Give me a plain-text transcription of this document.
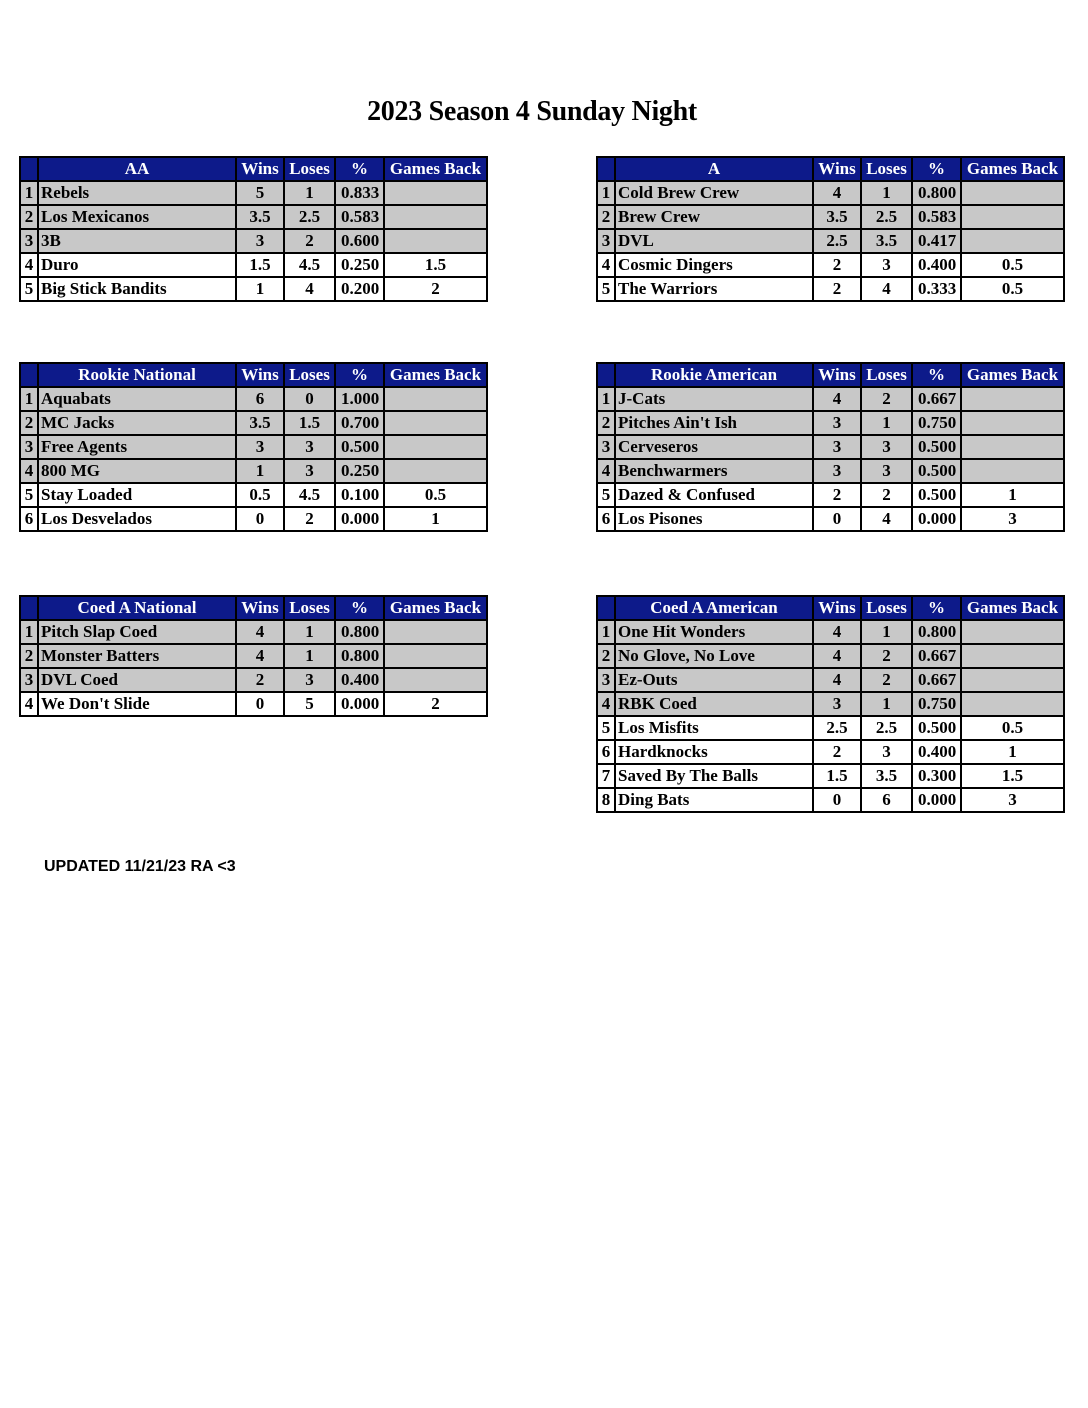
2023 Season 4 Sunday Night
	AA	Wins	Loses	%	Games Back
1	Rebels	5	1	0.833	
2	Los Mexicanos	3.5	2.5	0.583	
3	3B	3	2	0.600	
4	Duro	1.5	4.5	0.250	1.5
5	Big Stick Bandits	1	4	0.200	2
	A	Wins	Loses	%	Games Back
1	Cold Brew Crew	4	1	0.800	
2	Brew Crew	3.5	2.5	0.583	
3	DVL	2.5	3.5	0.417	
4	Cosmic Dingers	2	3	0.400	0.5
5	The Warriors	2	4	0.333	0.5
	Rookie National	Wins	Loses	%	Games Back
1	Aquabats	6	0	1.000	
2	MC Jacks	3.5	1.5	0.700	
3	Free Agents	3	3	0.500	
4	800 MG	1	3	0.250	
5	Stay Loaded	0.5	4.5	0.100	0.5
6	Los Desvelados	0	2	0.000	1
	Rookie American	Wins	Loses	%	Games Back
1	J-Cats	4	2	0.667	
2	Pitches Ain't Ish	3	1	0.750	
3	Cerveseros	3	3	0.500	
4	Benchwarmers	3	3	0.500	
5	Dazed & Confused	2	2	0.500	1
6	Los Pisones	0	4	0.000	3
	Coed A National	Wins	Loses	%	Games Back
1	Pitch Slap Coed	4	1	0.800	
2	Monster Batters	4	1	0.800	
3	DVL Coed	2	3	0.400	
4	We Don't Slide	0	5	0.000	2
	Coed A American	Wins	Loses	%	Games Back
1	One Hit Wonders	4	1	0.800	
2	No Glove, No Love	4	2	0.667	
3	Ez-Outs	4	2	0.667	
4	RBK Coed	3	1	0.750	
5	Los Misfits	2.5	2.5	0.500	0.5
6	Hardknocks	2	3	0.400	1
7	Saved By The Balls	1.5	3.5	0.300	1.5
8	Ding Bats	0	6	0.000	3
UPDATED 11/21/23 RA <3
